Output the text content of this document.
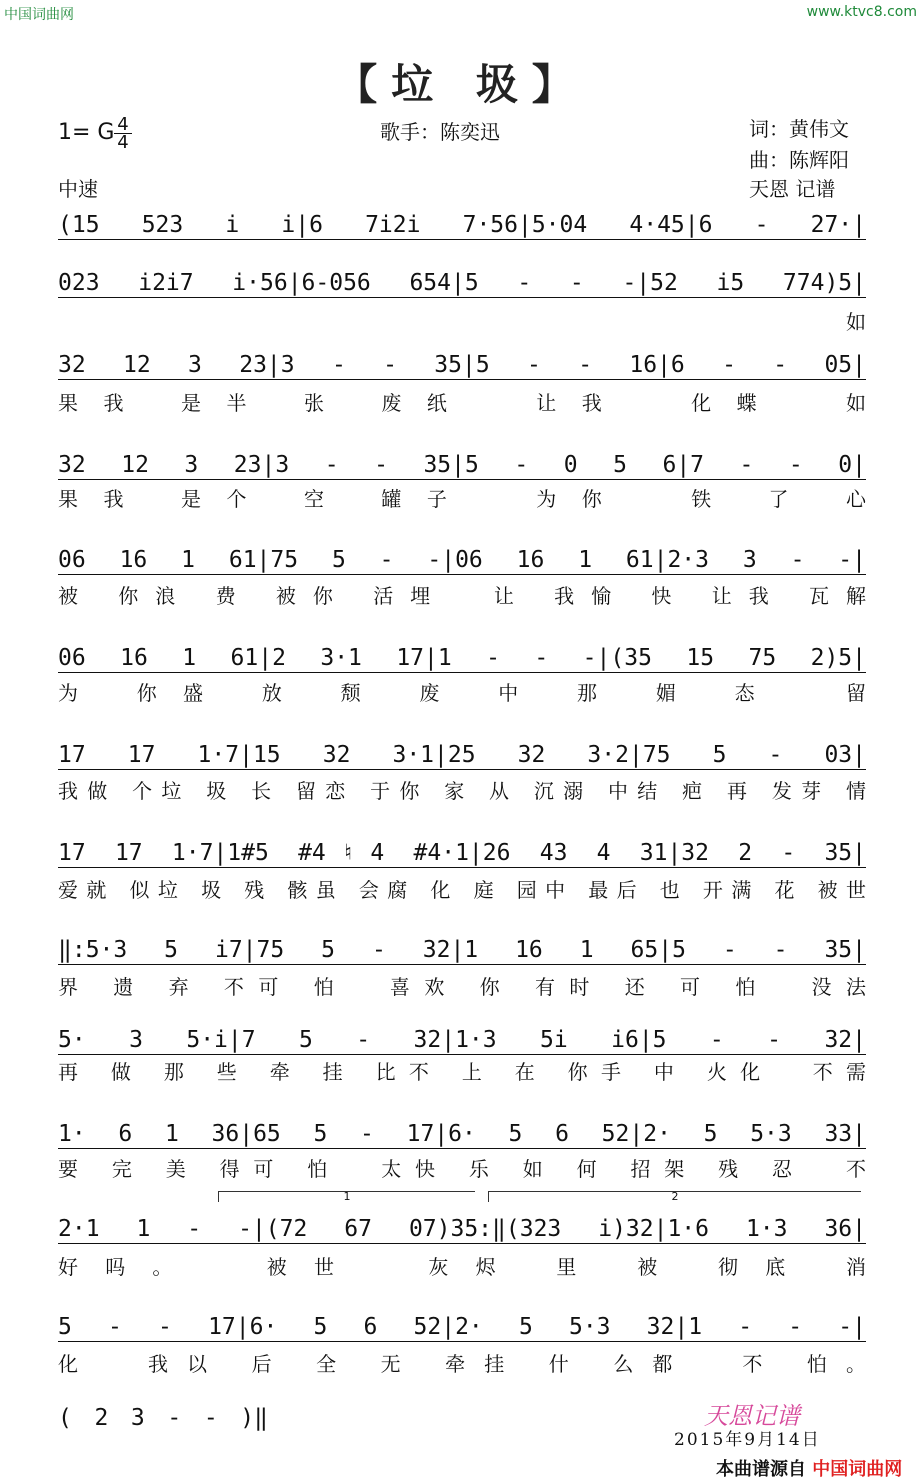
中国词曲网	www.ktvc8.com
【垃 圾】
1= G $\frac{4}{4}$	歌手：陈奕迅	词：黄伟文
曲：陈辉阳
中速	天恩 记谱
(15 523 i i|6 7i2i 7·56|5·04 4·45|6 - 27·|
023 i2i7 i·56|6-056 654|5 - - -|52 i5 774)5|
如
32 12 3 23|3 - - 35|5 - - 16|6 - - 05|
果我 是半 张 废纸  让我  化蝶  如
32 12 3 23|3 - - 35|5 - 0 5 6|7 - - 0|
果我 是个 空 罐子  为你  铁 了 心
06 16 1 61|75 5 - -|06 16 1 61|2·3 3 - -|
被 你浪 费 被你 活埋  让 我愉 快 让我 瓦解
06 16 1 61|2 3·1 17|1 - - -|(35 15 75 2)5|
为 你盛 放 颓 废 中 那 媚 态  留
17 17 1·7|15 32 3·1|25 32 3·2|75 5 - 03|
我做 个垃 圾 长 留恋 于你 家 从 沉溺 中结 疤 再 发芽 情
17 17 1·7|1#5 #4♮4 #4·1|26 43 4 31|32 2 - 35|
爱就 似垃 圾 残 骸虽 会腐 化 庭 园中 最后 也 开满 花 被世
‖:5·3 5 i7|75 5 - 32|1 16 1 65|5 - - 35|
界 遗 弃 不可 怕  喜欢 你 有时 还 可 怕  没法
5· 3 5·i|7 5 - 32|1·3 5i i6|5 - - 32|
再 做 那 些 牵 挂 比不 上 在 你手 中 火化  不需
1· 6 1 36|65 5 - 17|6· 5 6 52|2· 5 5·3 33|
要 完 美 得可 怕  太快 乐 如 何 招架 残 忍  不
1	2
2·1 1 - -|(72 67 07)35:‖(323 i)32|1·6 1·3 36|
好吗。  被世  灰烬 里 被 彻底 消
5 - - 17|6· 5 6 52|2· 5 5·3 32|1 - - -|
化  我以 后 全 无 牵挂 什 么都  不 怕。
( 2 3 - - )‖	天恩记谱
2015年9月14日
本曲谱源自 中国词曲网
